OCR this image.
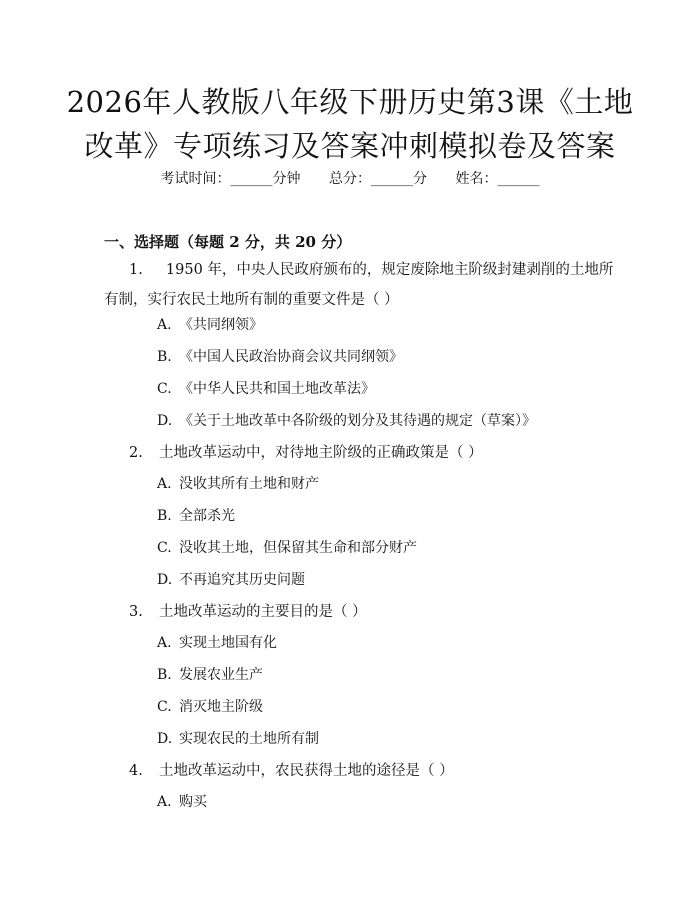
2026年人教版八年级下册历史第3课《土地
改革》专项练习及答案冲刺模拟卷及答案
考试时间：______分钟 总分：______分 姓名：______
一、选择题（每题 2 分，共 20 分）
1. 1950 年，中央人民政府颁布的，规定废除地主阶级封建剥削的土地所有制，实行农民土地所有制的重要文件是（ ）
A. 《共同纲领》
B. 《中国人民政治协商会议共同纲领》
C. 《中华人民共和国土地改革法》
D. 《关于土地改革中各阶级的划分及其待遇的规定（草案）》
2. 土地改革运动中，对待地主阶级的正确政策是（ ）
A. 没收其所有土地和财产
B. 全部杀光
C. 没收其土地，但保留其生命和部分财产
D. 不再追究其历史问题
3. 土地改革运动的主要目的是（ ）
A. 实现土地国有化
B. 发展农业生产
C. 消灭地主阶级
D. 实现农民的土地所有制
4. 土地改革运动中，农民获得土地的途径是（ ）
A. 购买
